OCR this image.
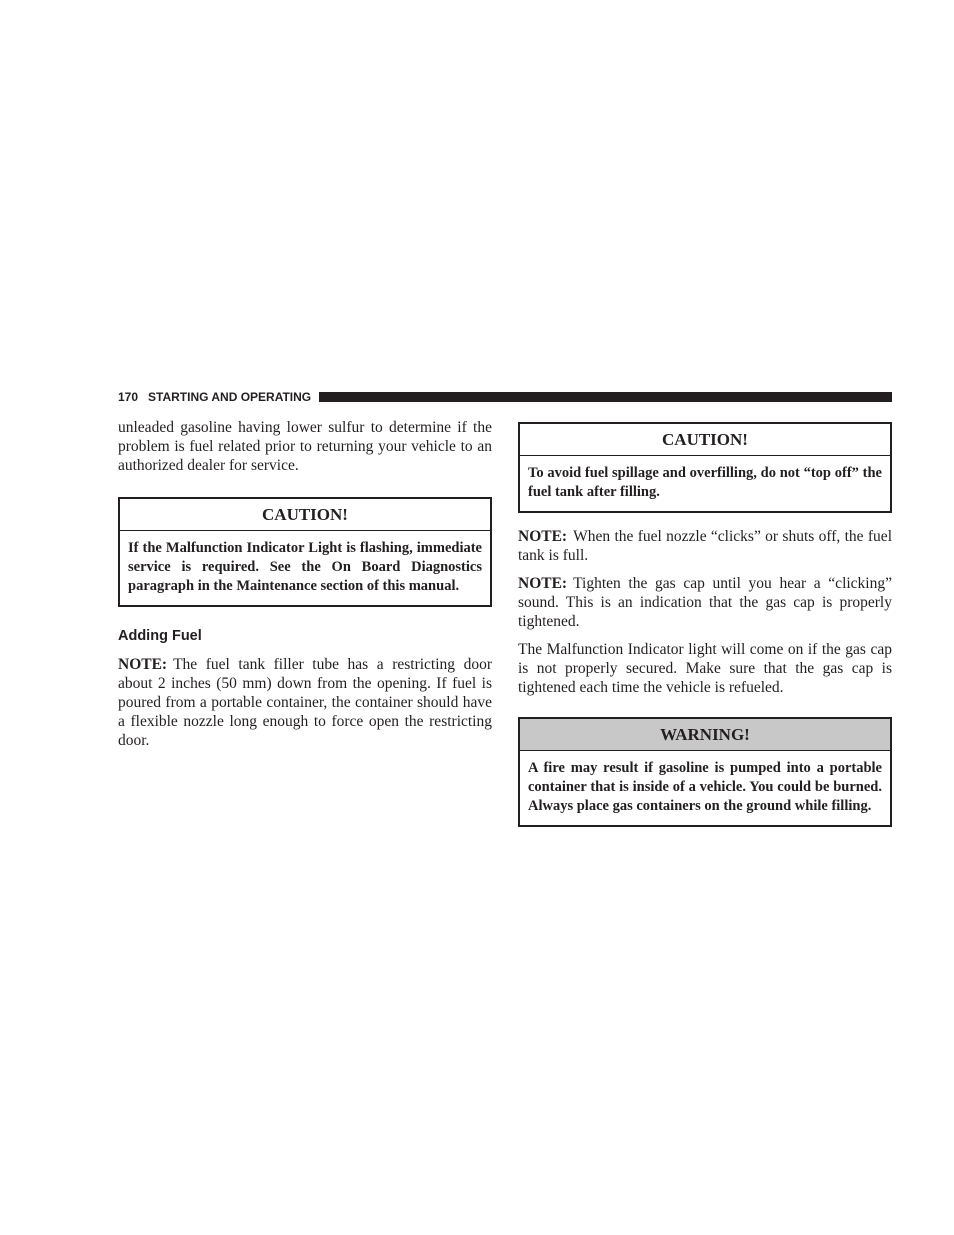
170 STARTING AND OPERATING

unleaded gasoline having lower sulfur to determine if the problem is fuel related prior to returning your vehicle to an authorized dealer for service.

CAUTION!
If the Malfunction Indicator Light is flashing, immediate service is required. See the On Board Diagnostics paragraph in the Maintenance section of this manual.
Adding Fuel

NOTE: The fuel tank filler tube has a restricting door about 2 inches (50 mm) down from the opening. If fuel is poured from a portable container, the container should have a flexible nozzle long enough to force open the restricting door.

CAUTION!
To avoid fuel spillage and overfilling, do not “top off” the fuel tank after filling.

NOTE: When the fuel nozzle “clicks” or shuts off, the fuel tank is full.

NOTE: Tighten the gas cap until you hear a “clicking” sound. This is an indication that the gas cap is properly tightened.

The Malfunction Indicator light will come on if the gas cap is not properly secured. Make sure that the gas cap is tightened each time the vehicle is refueled.

WARNING!
A fire may result if gasoline is pumped into a portable container that is inside of a vehicle. You could be burned. Always place gas containers on the ground while filling.
